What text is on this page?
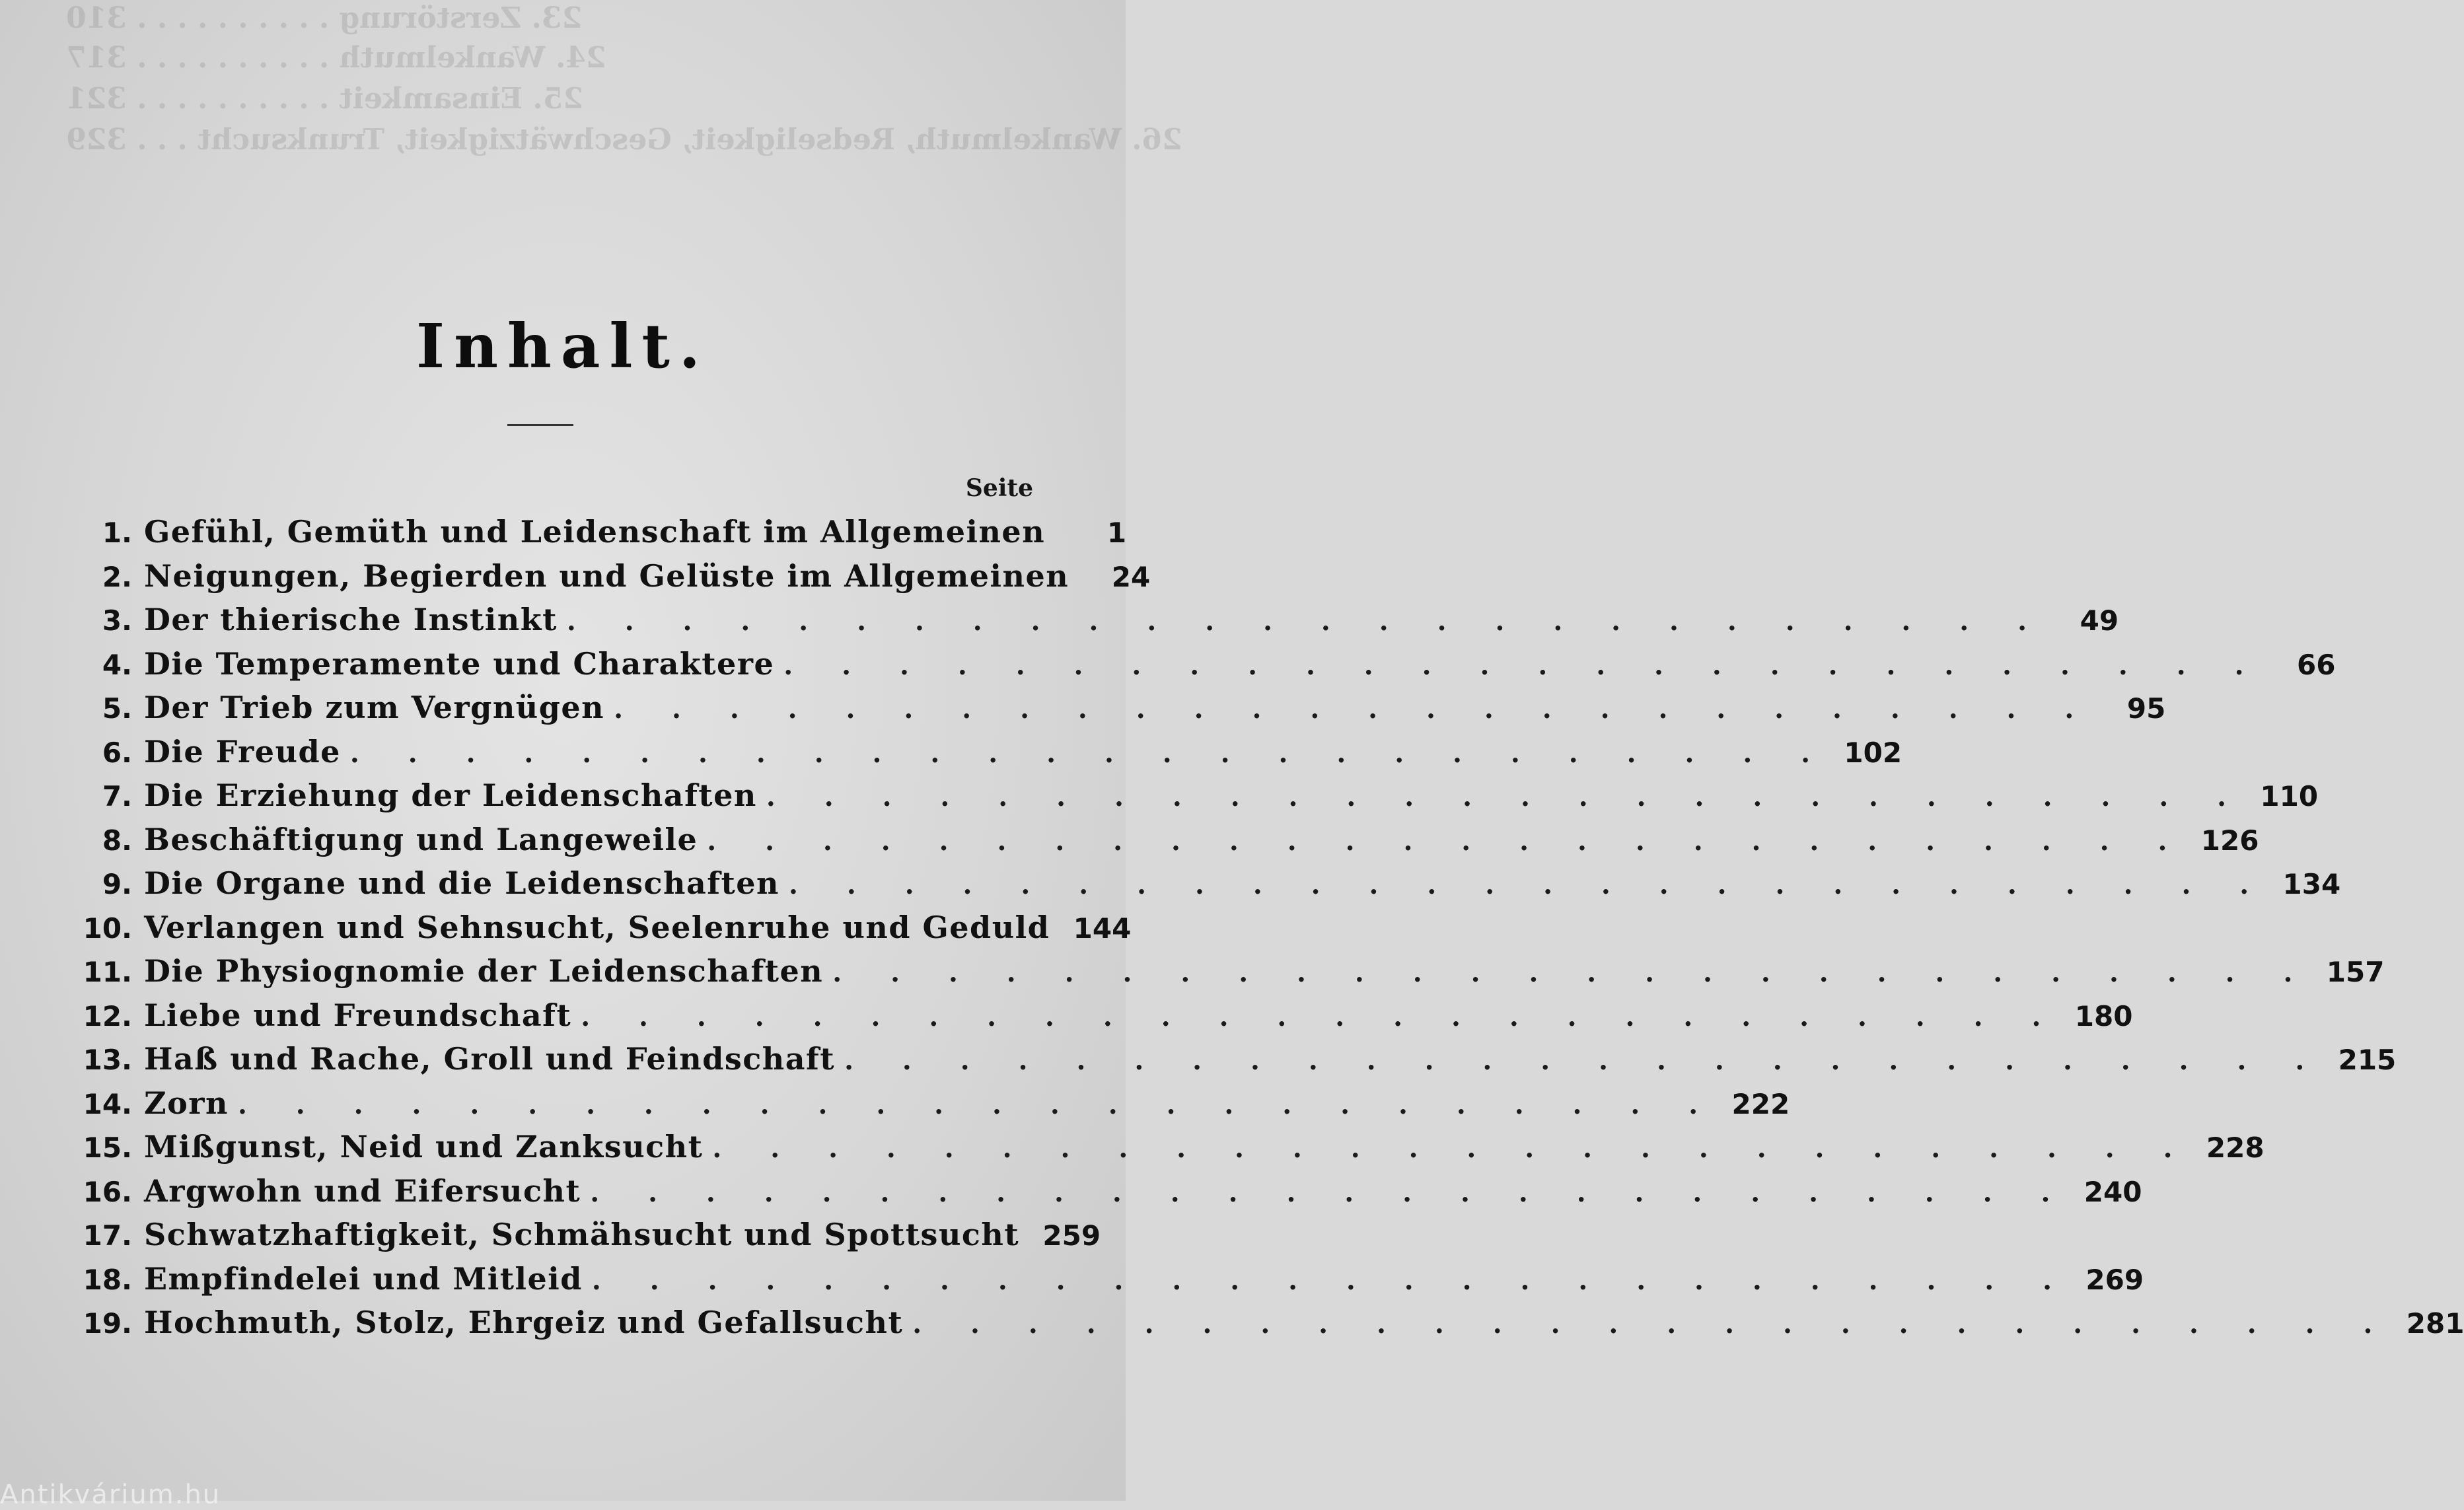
23. Zerstörung . . . . . . . . . . 310
24. Wankelmuth . . . . . . . . . . 317
25. Einsamkeit . . . . . . . . . . 321
26. Wankelmuth, Redseligkeit, Geschwätzigkeit, Trunksucht . . . 329
Inhalt.
Seite
1. Gefühl, Gemüth und Leidenschaft im Allgemeinen	1
2. Neigungen, Begierden und Gelüste im Allgemeinen	24
3. Der thierische Instinkt . . . . . . . . . . . . . . . . . . . . . . . . . .	49
4. Die Temperamente und Charaktere . . . . . . . . . . . . . . . . . . . . . . . . . .	66
5. Der Trieb zum Vergnügen . . . . . . . . . . . . . . . . . . . . . . . . . .	95
6. Die Freude . . . . . . . . . . . . . . . . . . . . . . . . . . 102
7. Die Erziehung der Leidenschaften . . . . . . . . . . . . . . . . . . . . . . . . . . 110
8. Beschäftigung und Langeweile . . . . . . . . . . . . . . . . . . . . . . . . . . 126
9. Die Organe und die Leidenschaften . . . . . . . . . . . . . . . . . . . . . . . . . . 134
10. Verlangen und Sehnsucht, Seelenruhe und Geduld 144
11. Die Physiognomie der Leidenschaften . . . . . . . . . . . . . . . . . . . . . . . . . . 157
12. Liebe und Freundschaft . . . . . . . . . . . . . . . . . . . . . . . . . . 180
13. Haß und Rache, Groll und Feindschaft . . . . . . . . . . . . . . . . . . . . . . . . . . 215
14. Zorn . . . . . . . . . . . . . . . . . . . . . . . . . . 222
15. Mißgunst, Neid und Zanksucht . . . . . . . . . . . . . . . . . . . . . . . . . . 228
16. Argwohn und Eifersucht . . . . . . . . . . . . . . . . . . . . . . . . . . 240
17. Schwatzhaftigkeit, Schmähsucht und Spottsucht 259
18. Empfindelei und Mitleid . . . . . . . . . . . . . . . . . . . . . . . . . . 269
19. Hochmuth, Stolz, Ehrgeiz und Gefallsucht . . . . . . . . . . . . . . . . . . . . . . . . . . 281
Antikvárium.hu
